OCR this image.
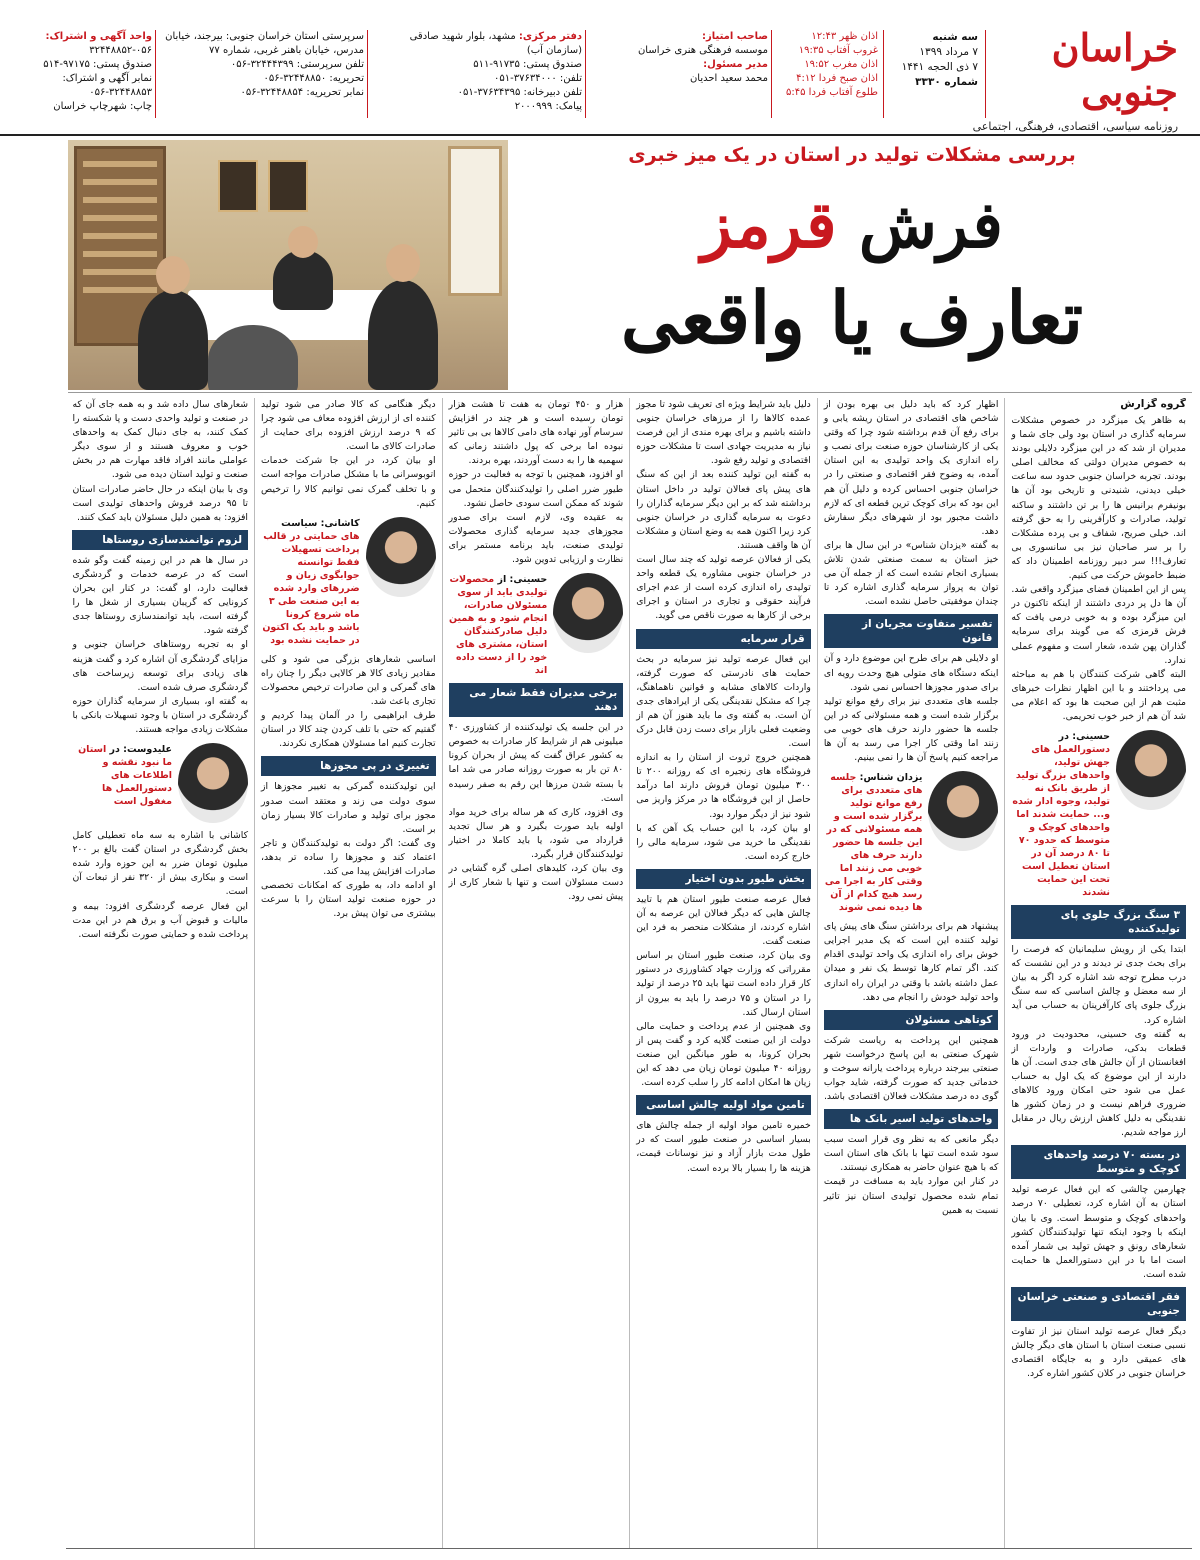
خراسان جنوبی
روزنامه سیاسی، اقتصادی، فرهنگی، اجتماعی
سه شنبه
۷ مرداد ۱۳۹۹
۷ ذی الحجه ۱۴۴۱
شماره ۳۳۳۰
اذان ظهر ۱۲:۴۳
غروب آفتاب ۱۹:۳۵
اذان مغرب ۱۹:۵۲
اذان صبح فردا ۴:۱۲
طلوع آفتاب فردا ۵:۴۵
صاحب امتیاز:
موسسه فرهنگی هنری خراسان
مدیر مسئول:
محمد سعید احدیان
دفتر مرکزی: مشهد، بلوار شهید صادقی (سازمان آب)
صندوق پستی: ۹۱۷۳۵-۵۱۱
تلفن: ۳۷۶۳۴۰۰۰-۰۵۱
تلفن دبیرخانه: ۳۷۶۳۴۳۹۵-۰۵۱
پیامک: ۲۰۰۰۹۹۹
سرپرستی استان خراسان جنوبی: بیرجند، خیابان
مدرس، خیابان باهنر غربی، شماره ۷۷
تلفن سرپرستی: ۳۲۴۴۴۳۹۹-۰۵۶
تحریریه: ۳۲۴۴۸۸۵۰-۰۵۶
نمابر تحریریه: ۳۲۴۴۸۸۵۴-۰۵۶
واحد آگهی و اشتراک:
۳۲۴۴۸۸۵۲-۰۵۶
صندوق پستی: ۹۷۱۷۵-۵۱۴
نمابر آگهی و اشتراک: ۳۲۴۴۸۸۵۳-۰۵۶
چاپ: شهرچاپ خراسان
بررسی مشکلات تولید در استان در یک میز خبری
فرش قرمز
تعارف یا واقعی
گروه گزارش

به ظاهر یک میزگرد در خصوص مشکلات سرمایه گذاری در استان بود ولی جای شما و مدیران از شد که در این میزگرد دلایلی بودند به خصوص مدیران دولتی که مخالف اصلی بودند. تجربه خراسان جنوبی حدود سه ساعت خیلی دیدنی، شنیدنی و تاریخی بود آن ها بونیفرم برانیس ها را بر تن داشتند و ساکنه تولید، صادرات و کارآفرینی را به حق گرفته اند. خیلی صریح، شفاف و بی پرده مشکلات را بر سر صاحبان نیز بی سانسوری بی تعارف!!! سر دبیر روزنامه اطمینان داد که ضبط خاموش حرکت می کنیم.

پس از این اطمینان فضای میزگرد واقعی شد. آن ها دل پر دردی داشتند از اینکه تاکنون در این میزگرد بوده و به خوبی درمی یافت که فرش قرمزی که می گویند برای سرمایه گذاران پهن شده، شعار است و مفهوم عملی ندارد.

البته گاهی شرکت کنندگان با هم به مباحثه می پرداختند و با این اظهار نظرات خبرهای مثبت هم از این صحبت ها بود که اعلام می شد آن هم از خبر خوب تحریمی.

حسینی: در دستورالعمل های جهش تولید، واحدهای بزرگ تولید از طریق بانک نه تولید، وجوه ادار شده و... حمایت شدند اما واحدهای کوچک و متوسط که حدود ۷۰ تا ۸۰ درصد آن در استان تعطیل است تحت این حمایت نشدند
۳ سنگ بزرگ جلوی پای تولیدکننده

ابتدا یکی از رویش سلیمانیان که فرصت را برای بحث جدی تر دیدند و در این نشست که درب مطرح توجه شد اشاره کرد اگر به بیان از سه معضل و چالش اساسی که سه سنگ بزرگ جلوی پای کارآفرینان به حساب می آید اشاره کرد.

به گفته وی حسینی، محدودیت در ورود قطعات بدکی، صادرات و واردات از افغانستان از آن جالش های جدی است. آن ها دارند از این موضوع که یک اول به حساب عمل می شود حتی امکان ورود کالاهای ضروری فراهم نیست و در زمان کشور ها نقدینگی به دلیل کاهش ارزش ریال در مقابل ارز مواجه شدیم.

در بسته ۷۰ درصد واحدهای کوچک و متوسط

چهارمین چالشی که این فعال عرصه تولید استان به آن اشاره کرد، تعطیلی ۷۰ درصد واحدهای کوچک و متوسط است. وی با بیان اینکه با وجود اینکه تنها تولیدکنندگان کشور شعارهای رونق و جهش تولید بی شمار آمده است اما با در این دستورالعمل ها حمایت شده است.

فقر اقتصادی و صنعتی خراسان جنوبی

دیگر فعال عرصه تولید استان نیز از تفاوت نسبی صنعت استان با استان های دیگر چالش های عمیقی دارد و به جایگاه اقتصادی خراسان جنوبی در کلان کشور اشاره کرد.

اظهار کرد که باید دلیل بی بهره بودن از شاخص های اقتصادی در استان ریشه یابی و برای رفع آن قدم برداشته شود چرا که وقتی یکی از کارشناسان حوزه صنعت برای نصب و راه اندازی یک واحد تولیدی به این استان آمده، به وضوح فقر اقتصادی و صنعتی را در خراسان جنوبی احساس کرده و دلیل آن هم این بود که برای کوچک ترین قطعه ای که لازم داشت مجبور بود از شهرهای دیگر سفارش دهد.

به گفته «یزدان شناس» در این سال ها برای خیز استان به سمت صنعتی شدن تلاش بسیاری انجام نشده است که از جمله آن می توان به پرواز سرمایه گذاری اشاره کرد تا چندان موفقیتی حاصل نشده است.

تفسیر متفاوت مجریان از قانون

او دلایلی هم برای طرح این موضوع دارد و آن اینکه دستگاه های متولی هیچ وحدت رویه ای برای صدور مجوزها احساس نمی شود.

جلسه های متعددی نیز برای رفع موانع تولید برگزار شده است و همه مسئولانی که در این جلسه ها حضور دارند حرف های خوبی می زنند اما وقتی کار اجرا می رسد به آن ها مراجعه کنیم پاسخ آن ها را نمی بینیم.

یزدان شناس: جلسه های متعددی برای رفع موانع تولید برگزار شده است و همه مسئولانی که در این جلسه ها حضور دارند حرف های خوبی می زنند اما وقتی کار به اجرا می رسد هیچ کدام از آن ها دیده نمی شوند

پیشنهاد هم برای برداشتن سنگ های پیش پای تولید کننده این است که یک مدیر اجرایی خوش برای راه اندازی یک واحد تولیدی اقدام کند. اگر تمام کارها توسط یک نفر و میدان عمل داشته باشد با وقتی در ایران راه اندازی واحد تولید خودش را انجام می دهد.

کوتاهی مسئولان

همچنین این پرداخت به ریاست شرکت شهرک صنعتی به این پاسخ درخواست شهر صنعتی بیرجند درباره پرداخت یارانه سوخت و خدماتی جدید که صورت گرفته، شاید جواب گوی ده درصد مشکلات فعالان اقتصادی باشد.

واحدهای تولید اسیر بانک ها

دیگر مانعی که به نظر وی قرار است سبب سود شده است تنها با بانک های استان است که با هیچ عنوان حاضر به همکاری نیستند.

در کنار این موارد باید به مسافت در قیمت تمام شده محصول تولیدی استان نیز تاثیر نسبت به همین

دلیل باید شرایط ویژه ای تعریف شود تا مجوز عمده کالاها را از مرزهای خراسان جنوبی داشته باشیم و برای بهره مندی از این فرصت نیاز به مدیریت جهادی است تا مشکلات حوزه اقتصادی و تولید رفع شود.

به گفته این تولید کننده بعد از این که سنگ های پیش پای فعالان تولید در داخل استان برداشته شد که بر این دیگر سرمایه گذاران را دعوت به سرمایه گذاری در خراسان جنوبی کرد زیرا اکنون همه به وضع استان و مشکلات آن ها واقف هستند.

یکی از فعالان عرصه تولید که چند سال است در خراسان جنوبی مشاوره یک قطعه واحد تولیدی راه اندازی کرده است از عدم اجرای فرآیند حقوقی و تجاری در استان و اجرای برخی از کارها به صورت ناقص می گوید.

قرار سرمایه

این فعال عرصه تولید نیز سرمایه در بحث حمایت های نادرستی که صورت گرفته، واردات کالاهای مشابه و قوانین ناهماهنگ، چرا که مشکل نقدینگی یکی از ایرادهای جدی آن است. به گفته وی ما باید هنوز آن هم از وضعیت فعلی بازار برای دست زدن قابل درک است.

همچنین خروج ثروت از استان را به اندازه فروشگاه های زنجیره ای که روزانه ۲۰۰ تا ۳۰۰ میلیون تومان فروش دارند اما درآمد حاصل از این فروشگاه ها در مرکز واریز می شود نیز از دیگر موارد بود.

او بیان کرد، با این حساب یک آهن که با نقدینگی ما خرید می شود، سرمایه مالی را خارج کرده است.

بخش طیور بدون اختیار

فعال عرصه صنعت طیور استان هم با تایید چالش هایی که دیگر فعالان این عرصه به آن اشاره کردند، از مشکلات منحصر به فرد این صنعت گفت.

وی بیان کرد، صنعت طیور استان بر اساس مقرراتی که وزارت جهاد کشاورزی در دستور کار قرار داده است تنها باید ۲۵ درصد از تولید را در استان و ۷۵ درصد را باید به بیرون از استان ارسال کند.

وی همچنین از عدم پرداخت و حمایت مالی دولت از این صنعت گلایه کرد و گفت پس از بحران کرونا، به طور میانگین این صنعت روزانه ۴۰ میلیون تومان زیان می دهد که این زیان ها امکان ادامه کار را سلب کرده است.

تامین مواد اولیه چالش اساسی

خمیره تامین مواد اولیه از جمله چالش های بسیار اساسی در صنعت طیور است که در طول مدت بازار آزاد و نیز نوسانات قیمت، هزینه ها را بسیار بالا برده است.

هزار و ۴۵۰ تومان به هفت تا هشت هزار تومان رسیده است و هر چند در افزایش سرسام آور نهاده های دامی کالاها بی بی تاثیر نبوده اما برخی که پول داشتند زمانی که سهمیه ها را به دست آوردند، بهره بردند.

او افزود، همچنین با توجه به فعالیت در حوزه طیور ضرر اصلی را تولیدکنندگان متحمل می شوند که ممکن است سودی حاصل نشود.

به عقیده وی، لازم است برای صدور مجوزهای جدید سرمایه گذاری محصولات تولیدی صنعت، باید برنامه مستمر برای نظارت و ارزیابی تدوین شود.

حسینی: از محصولات تولیدی باید از سوی مسئولان صادرات، انجام شود و به همین دلیل صادرکنندگان استان، مشتری های خود را از دست داده اند
برخی مدیران فقط شعار می دهند

در این جلسه یک تولیدکننده از کشاورزی ۴۰ میلیونی هم از شرایط کار صادرات به خصوص به کشور عراق گفت که پیش از بحران کرونا ۸۰ تن بار به صورت روزانه صادر می شد اما با بسته شدن مرزها این رقم به صفر رسیده است.

وی افزود، کاری که هر ساله برای خرید مواد اولیه باید صورت بگیرد و هر سال تجدید قرارداد می شود، یا باید کاملا در اختیار تولیدکنندگان قرار بگیرد.

وی بیان کرد، کلیدهای اصلی گره گشایی در دست مسئولان است و تنها با شعار کاری از پیش نمی رود.

دیگر هنگامی که کالا صادر می شود تولید کننده ای از ارزش افزوده معاف می شود چرا که ۹ درصد ارزش افزوده برای حمایت از صادرات کالای ما است.

او بیان کرد، در این جا شرکت خدمات اتوبوسرانی ما با مشکل صادرات مواجه است و با تخلف گمرک نمی توانیم کالا را ترخیص کنیم.

کاشانی: سیاست های حمایتی در قالب پرداخت تسهیلات فقط توانسته جوابگوی زیان و ضررهای وارد شده به این صنعت طی ۳ ماه شروع کرونا باشد و باید یک اکتون در حمایت نشده بود

اساسی شعارهای بزرگی می شود و کلی مقادیر زیادی کالا هر کالایی دیگر را چنان راه های گمرکی و این صادرات ترخیص محصولات تجاری باعث شد.

طرف ابراهیمی را در آلمان پیدا کردیم و گفتیم که حتی با تلف کردن چند کالا در استان تجارت کنیم اما مسئولان همکاری نکردند.

تغییری در پی مجوزها

این تولیدکننده گمرکی به تغییر مجوزها از سوی دولت می زند و معتقد است صدور مجوز برای تولید و صادرات کالا بسیار زمان بر است.

وی گفت: اگر دولت به تولیدکنندگان و تاجر اعتماد کند و مجوزها را ساده تر بدهد، صادرات افزایش پیدا می کند.

او ادامه داد، به طوری که امکانات تخصصی در حوزه صنعت تولید استان را با سرعت بیشتری می توان پیش برد.

شعارهای سال داده شد و به همه جای آن که در صنعت و تولید واحدی دست و پا شکسته را کمک کنند، به جای دنبال کمک به واحدهای خوب و معروف هستند و از سوی دیگر عواملی مانند افراد فاقد مهارت هم در بخش صنعت و تولید استان دیده می شود.

وی با بیان اینکه در حال حاضر صادرات استان تا ۹۵ درصد فروش واحدهای تولیدی است افزود: به همین دلیل مسئولان باید کمک کنند.

لزوم توانمندسازی روستاها

در سال ها هم در این زمینه گفت وگو شده است که در عرصه خدمات و گردشگری فعالیت دارد، او گفت: در کنار این بحران کرونایی که گریبان بسیاری از شغل ها را گرفته است، باید توانمندسازی روستاها جدی گرفته شود.

او به تجربه روستاهای خراسان جنوبی و مزایای گردشگری آن اشاره کرد و گفت هزینه های زیادی برای توسعه زیرساخت های گردشگری صرف شده است.

به گفته او، بسیاری از سرمایه گذاران حوزه گردشگری در استان با وجود تسهیلات بانکی با مشکلات زیادی مواجه هستند.

علیدوست: در استان ما نبود نقشه و اطلاعات های دستورالعمل ها مغفول است

کاشانی با اشاره به سه ماه تعطیلی کامل بخش گردشگری در استان گفت بالغ بر ۲۰۰ میلیون تومان ضرر به این حوزه وارد شده است و بیکاری بیش از ۳۲۰ نفر از تبعات آن است.

این فعال عرصه گردشگری افزود: بیمه و مالیات و قبوض آب و برق هم در این مدت پرداخت شده و حمایتی صورت نگرفته است.
